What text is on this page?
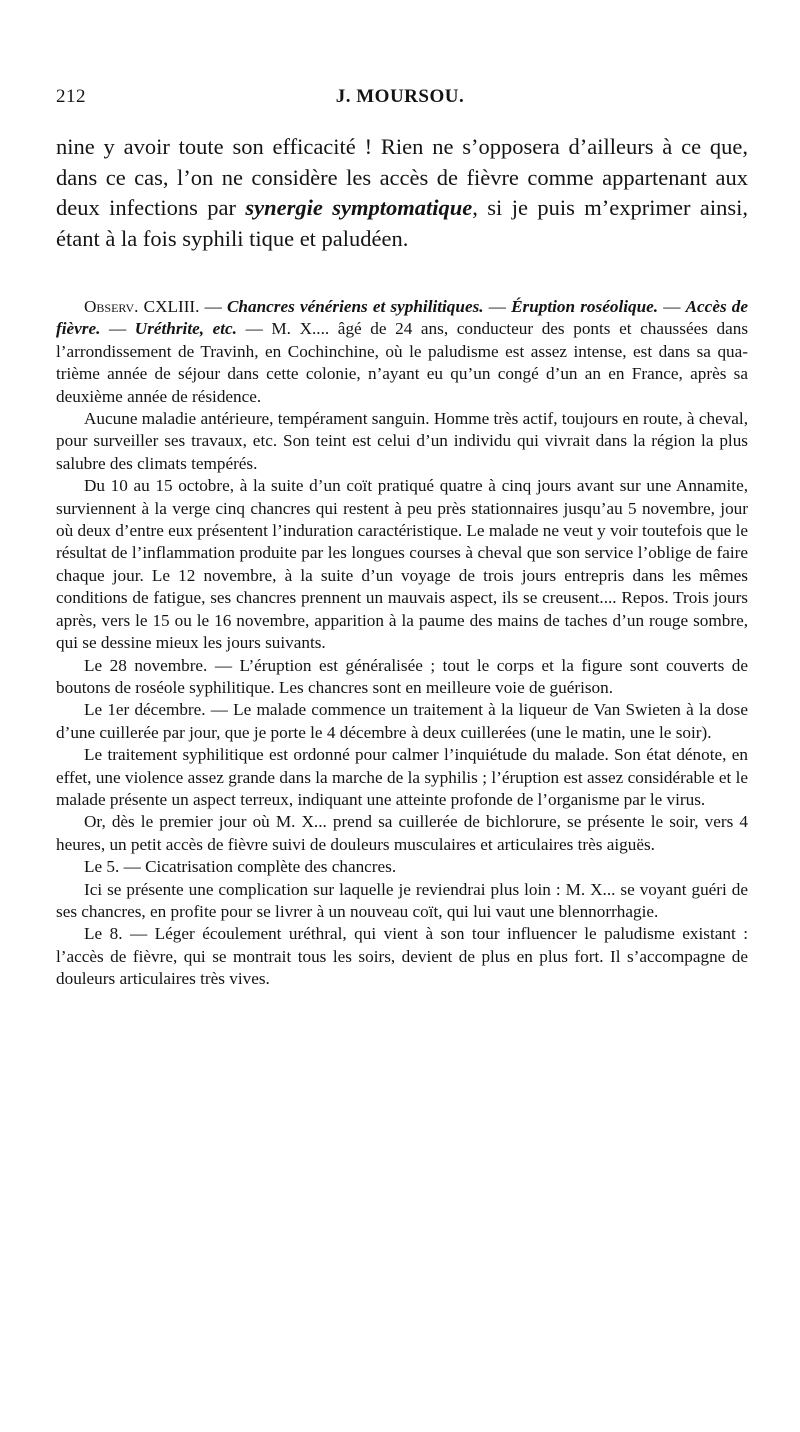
212	J. MOURSOU.

nine y avoir toute son efficacité ! Rien ne s’opposera d’ailleurs à ce que, dans ce cas, l’on ne considère les accès de fièvre comme appartenant aux deux infections par synergie symptomatique, si je puis m’exprimer ainsi, étant à la fois syphili tique et paludéen.

Observ. CXLIII. — Chancres vénériens et syphilitiques. — Éruption roséolique. — Accès de fièvre. — Uréthrite, etc. — M. X.... âgé de 24 ans, conducteur des ponts et chaussées dans l’arrondissement de Travinh, en Cochinchine, où le paludisme est assez intense, est dans sa quatrième année de séjour dans cette colonie, n’ayant eu qu’un congé d’un an en France, après sa deuxième année de résidence.

Aucune maladie antérieure, tempérament sanguin. Homme très actif, toujours en route, à cheval, pour surveiller ses travaux, etc. Son teint est celui d’un individu qui vivrait dans la région la plus salubre des climats tempérés.

Du 10 au 15 octobre, à la suite d’un coït pratiqué quatre à cinq jours avant sur une Annamite, surviennent à la verge cinq chancres qui restent à peu près stationnaires jusqu’au 5 novembre, jour où deux d’entre eux présentent l’induration caractéristique. Le malade ne veut y voir toutefois que le résultat de l’inflammation produite par les longues courses à cheval que son service l’oblige de faire chaque jour. Le 12 novembre, à la suite d’un voyage de trois jours entrepris dans les mêmes conditions de fatigue, ses chancres prennent un mauvais aspect, ils se creusent.... Repos. Trois jours après, vers le 15 ou le 16 novembre, apparition à la paume des mains de taches d’un rouge sombre, qui se dessine mieux les jours suivants.

Le 28 novembre. — L’éruption est généralisée ; tout le corps et la figure sont couverts de boutons de roséole syphilitique. Les chancres sont en meilleure voie de guérison.

Le 1er décembre. — Le malade commence un traitement à la liqueur de Van Swieten à la dose d’une cuillerée par jour, que je porte le 4 décembre à deux cuillerées (une le matin, une le soir).

Le traitement syphilitique est ordonné pour calmer l’inquiétude du malade. Son état dénote, en effet, une violence assez grande dans la marche de la syphilis ; l’éruption est assez considérable et le malade présente un aspect terreux, indiquant une atteinte profonde de l’organisme par le virus.

Or, dès le premier jour où M. X... prend sa cuillerée de bichlorure, se présente le soir, vers 4 heures, un petit accès de fièvre suivi de douleurs musculaires et articulaires très aiguës.

Le 5. — Cicatrisation complète des chancres.

Ici se présente une complication sur laquelle je reviendrai plus loin : M. X... se voyant guéri de ses chancres, en profite pour se livrer à un nouveau coït, qui lui vaut une blennorrhagie.

Le 8. — Léger écoulement uréthral, qui vient à son tour influencer le paludisme existant : l’accès de fièvre, qui se montrait tous les soirs, devient de plus en plus fort. Il s’accompagne de douleurs articulaires très vives.
